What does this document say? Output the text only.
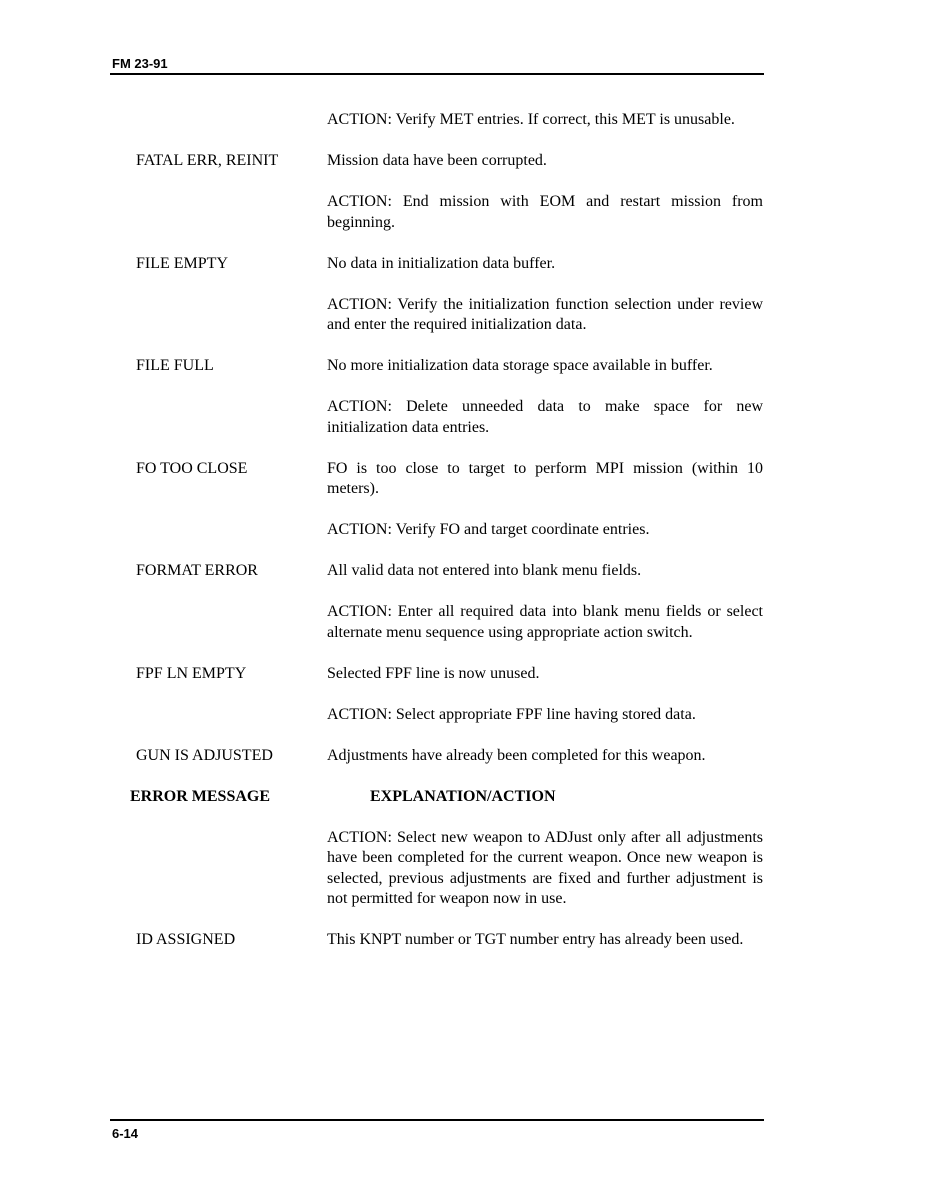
FM 23-91
ACTION: Verify MET entries. If correct, this MET is unusable.
FATAL ERR, REINIT	Mission data have been corrupted.
ACTION: End mission with EOM and restart mission from beginning.
FILE EMPTY	No data in initialization data buffer.
ACTION: Verify the initialization function selection under review and enter the required initialization data.
FILE FULL	No more initialization data storage space available in buffer.
ACTION: Delete unneeded data to make space for new initialization data entries.
FO TOO CLOSE	FO is too close to target to perform MPI mission (within 10 meters).
ACTION: Verify FO and target coordinate entries.
FORMAT ERROR	All valid data not entered into blank menu fields.
ACTION: Enter all required data into blank menu fields or select alternate menu sequence using appropriate action switch.
FPF LN EMPTY	Selected FPF line is now unused.
ACTION: Select appropriate FPF line having stored data.
GUN IS ADJUSTED	Adjustments have already been completed for this weapon.
ERROR MESSAGE	EXPLANATION/ACTION
ACTION: Select new weapon to ADJust only after all adjustments have been completed for the current weapon. Once new weapon is selected, previous adjustments are fixed and further adjustment is not permitted for weapon now in use.
ID ASSIGNED	This KNPT number or TGT number entry has already been used.
6-14
